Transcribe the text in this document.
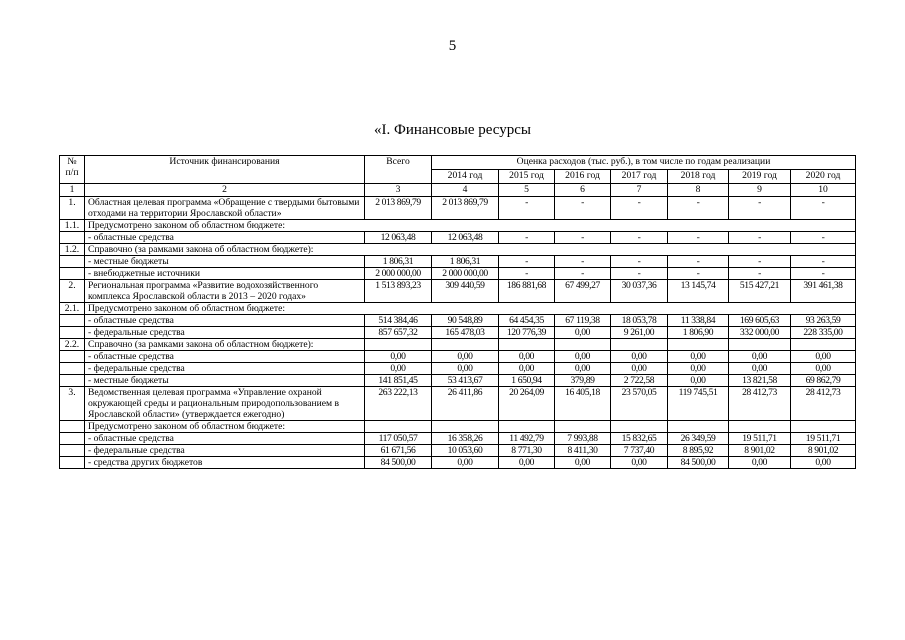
5
«I. Финансовые ресурсы
№ п/п	Источник финансирования	Всего	Оценка расходов (тыс. руб.), в том числе по годам реализации						
			2014 год	2015 год	2016 год	2017 год	2018 год	2019 год	2020 год
1	2	3	4	5	6	7	8	9	10
1.	Областная целевая программа «Обращение с твердыми бытовыми отходами на территории Ярославской области»	2 013 869,79	2 013 869,79	-	-	-	-	-	-
1.1.	Предусмотрено законом об областном бюджете:								
	- областные средства	12 063,48	12 063,48	-	-	-	-	-	-
1.2.	Справочно (за рамками закона об областном бюджете):								
	- местные бюджеты	1 806,31	1 806,31	-	-	-	-	-	-
	- внебюджетные источники	2 000 000,00	2 000 000,00	-	-	-	-	-	-
2.	Региональная программа «Развитие водохозяйственного комплекса Ярославской области в 2013 – 2020 годах»	1 513 893,23	309 440,59	186 881,68	67 499,27	30 037,36	13 145,74	515 427,21	391 461,38
2.1.	Предусмотрено законом об областном бюджете:								
	- областные средства	514 384,46	90 548,89	64 454,35	67 119,38	18 053,78	11 338,84	169 605,63	93 263,59
	- федеральные средства	857 657,32	165 478,03	120 776,39	0,00	9 261,00	1 806,90	332 000,00	228 335,00
2.2.	Справочно (за рамками закона об областном бюджете):								
	- областные средства	0,00	0,00	0,00	0,00	0,00	0,00	0,00	0,00
	- федеральные средства	0,00	0,00	0,00	0,00	0,00	0,00	0,00	0,00
	- местные бюджеты	141 851,45	53 413,67	1 650,94	379,89	2 722,58	0,00	13 821,58	69 862,79
3.	Ведомственная целевая программа «Управление охраной окружающей среды и рациональным природопользованием в Ярославской области» (утверждается ежегодно)	263 222,13	26 411,86	20 264,09	16 405,18	23 570,05	119 745,51	28 412,73	28 412,73
	Предусмотрено законом об областном бюджете:								
	- областные средства	117 050,57	16 358,26	11 492,79	7 993,88	15 832,65	26 349,59	19 511,71	19 511,71
	- федеральные средства	61 671,56	10 053,60	8 771,30	8 411,30	7 737,40	8 895,92	8 901,02	8 901,02
	- средства других бюджетов	84 500,00	0,00	0,00	0,00	0,00	84 500,00	0,00	0,00
